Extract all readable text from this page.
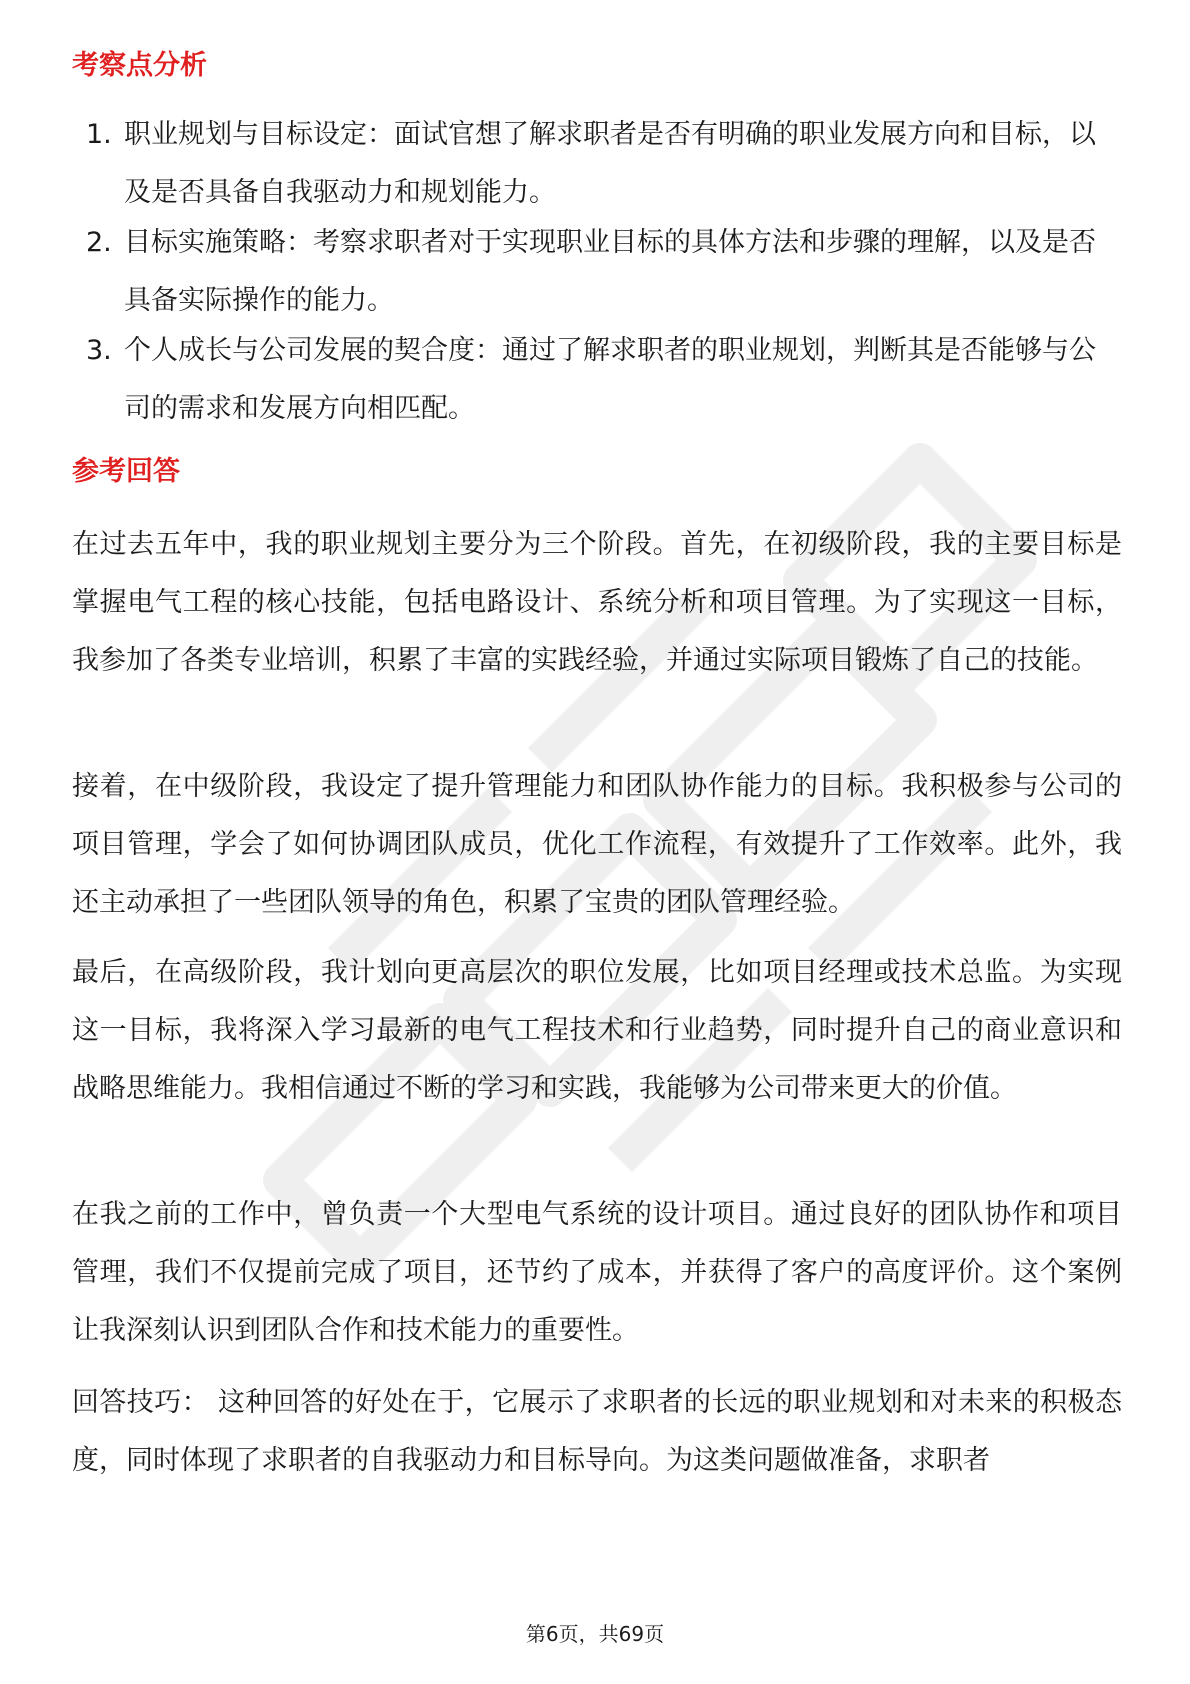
考察点分析
1. 职业规划与目标设定：面试官想了解求职者是否有明确的职业发展方向和目标，以及是否具备自我驱动力和规划能力。

2. 目标实施策略：考察求职者对于实现职业目标的具体方法和步骤的理解，以及是否具备实际操作的能力。

3. 个人成长与公司发展的契合度：通过了解求职者的职业规划，判断其是否能够与公司的需求和发展方向相匹配。

参考回答

在过去五年中，我的职业规划主要分为三个阶段。首先，在初级阶段，我的主要目标是掌握电气工程的核心技能，包括电路设计、系统分析和项目管理。为了实现这一目标，我参加了各类专业培训，积累了丰富的实践经验，并通过实际项目锻炼了自己的技能。

接着，在中级阶段，我设定了提升管理能力和团队协作能力的目标。我积极参与公司的项目管理，学会了如何协调团队成员，优化工作流程，有效提升了工作效率。此外，我还主动承担了一些团队领导的角色，积累了宝贵的团队管理经验。

最后，在高级阶段，我计划向更高层次的职位发展，比如项目经理或技术总监。为实现这一目标，我将深入学习最新的电气工程技术和行业趋势，同时提升自己的商业意识和战略思维能力。我相信通过不断的学习和实践，我能够为公司带来更大的价值。

在我之前的工作中，曾负责一个大型电气系统的设计项目。通过良好的团队协作和项目管理，我们不仅提前完成了项目，还节约了成本，并获得了客户的高度评价。这个案例让我深刻认识到团队合作和技术能力的重要性。

回答技巧： 这种回答的好处在于，它展示了求职者的长远的职业规划和对未来的积极态度，同时体现了求职者的自我驱动力和目标导向。为这类问题做准备，求职者

第6页，共69页
